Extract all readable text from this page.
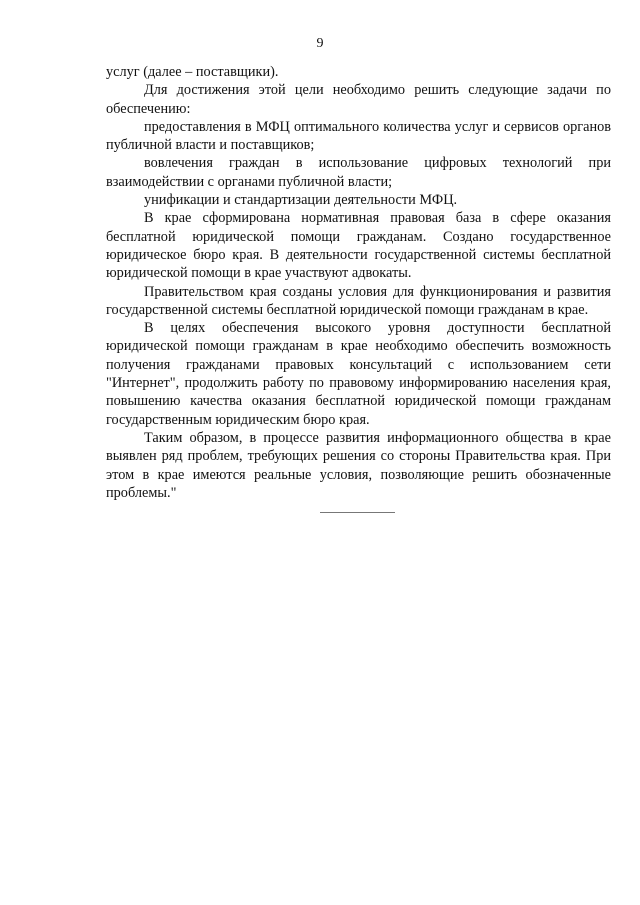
9

услуг (далее – поставщики).

Для достижения этой цели необходимо решить следующие задачи по обеспечению:

предоставления в МФЦ оптимального количества услуг и сервисов органов публичной власти и поставщиков;

вовлечения граждан в использование цифровых технологий при взаимодействии с органами публичной власти;

унификации и стандартизации деятельности МФЦ.

В крае сформирована нормативная правовая база в сфере оказания бесплатной юридической помощи гражданам. Создано государственное юридическое бюро края. В деятельности государственной системы бесплатной юридической помощи в крае участвуют адвокаты.

Правительством края созданы условия для функционирования и развития государственной системы бесплатной юридической помощи гражданам в крае.

В целях обеспечения высокого уровня доступности бесплатной юридической помощи гражданам в крае необходимо обеспечить возможность получения гражданами правовых консультаций с использованием сети "Интернет", продолжить работу по правовому информированию населения края, повышению качества оказания бесплатной юридической помощи гражданам государственным юридическим бюро края.

Таким образом, в процессе развития информационного общества в крае выявлен ряд проблем, требующих решения со стороны Правительства края. При этом в крае имеются реальные условия, позволяющие решить обозначенные проблемы."
